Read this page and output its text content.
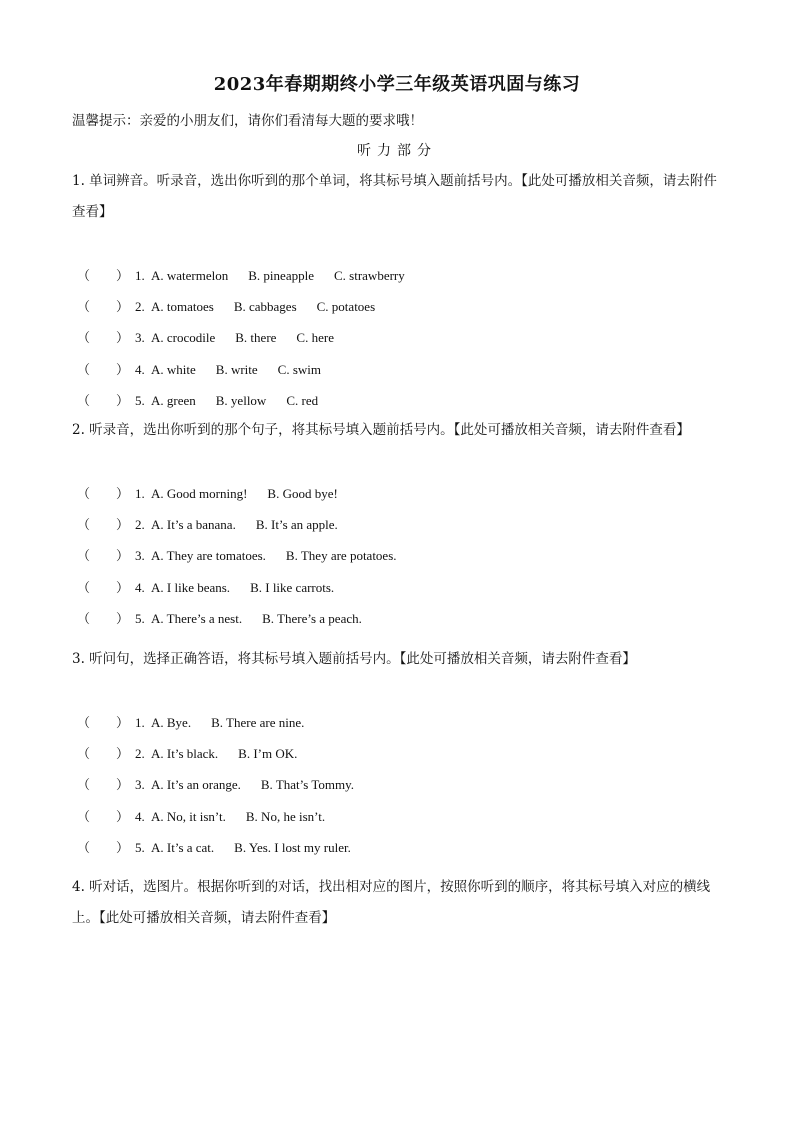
2023年春期期终小学三年级英语巩固与练习
温馨提示：亲爱的小朋友们，请你们看清每大题的要求哦！
听力部分
1. 单词辨音。听录音，选出你听到的那个单词，将其标号填入题前括号内。【此处可播放相关音频，请去附件查看】
（　　） 1. A. watermelon B. pineapple C. strawberry
（　　） 2. A. tomatoes B. cabbages C. potatoes
（　　） 3. A. crocodile B. there C. here
（　　） 4. A. white B. write C. swim
（　　） 5. A. green B. yellow C. red
2. 听录音，选出你听到的那个句子，将其标号填入题前括号内。【此处可播放相关音频，请去附件查看】
（　　） 1. A. Good morning! B. Good bye!
（　　） 2. A. It’s a banana. B. It’s an apple.
（　　） 3. A. They are tomatoes. B. They are potatoes.
（　　） 4. A. I like beans. B. I like carrots.
（　　） 5. A. There’s a nest. B. There’s a peach.
3. 听问句，选择正确答语，将其标号填入题前括号内。【此处可播放相关音频，请去附件查看】
（　　） 1. A. Bye. B. There are nine.
（　　） 2. A. It’s black. B. I’m OK.
（　　） 3. A. It’s an orange. B. That’s Tommy.
（　　） 4. A. No, it isn’t. B. No, he isn’t.
（　　） 5. A. It’s a cat. B. Yes. I lost my ruler.
4. 听对话，选图片。根据你听到的对话，找出相对应的图片，按照你听到的顺序，将其标号填入对应的横线上。【此处可播放相关音频，请去附件查看】
